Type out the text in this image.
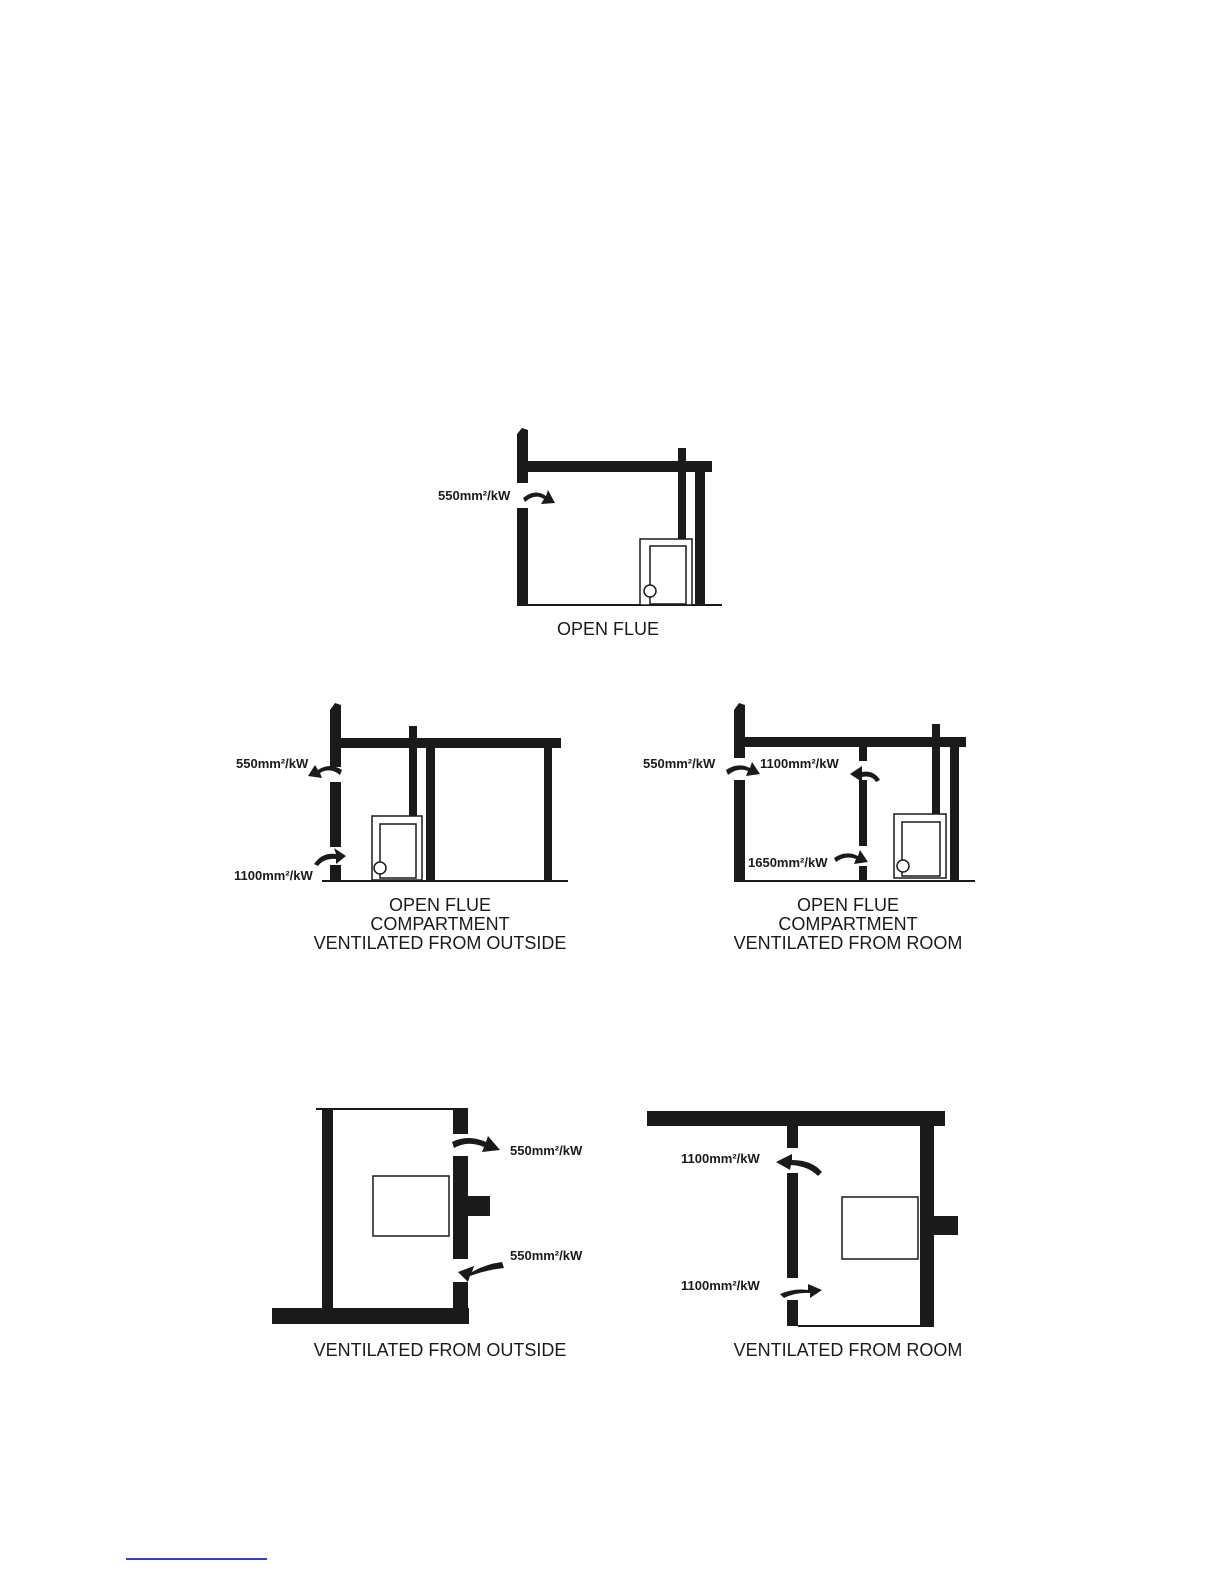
550mm²/kW
OPEN FLUE
550mm²/kW
1100mm²/kW
OPEN FLUE
COMPARTMENT
VENTILATED FROM OUTSIDE
550mm²/kW	1100mm²/kW
1650mm²/kW
OPEN FLUE
COMPARTMENT
VENTILATED FROM ROOM
550mm²/kW
550mm²/kW
VENTILATED FROM OUTSIDE
1100mm²/kW
1100mm²/kW
VENTILATED FROM ROOM
